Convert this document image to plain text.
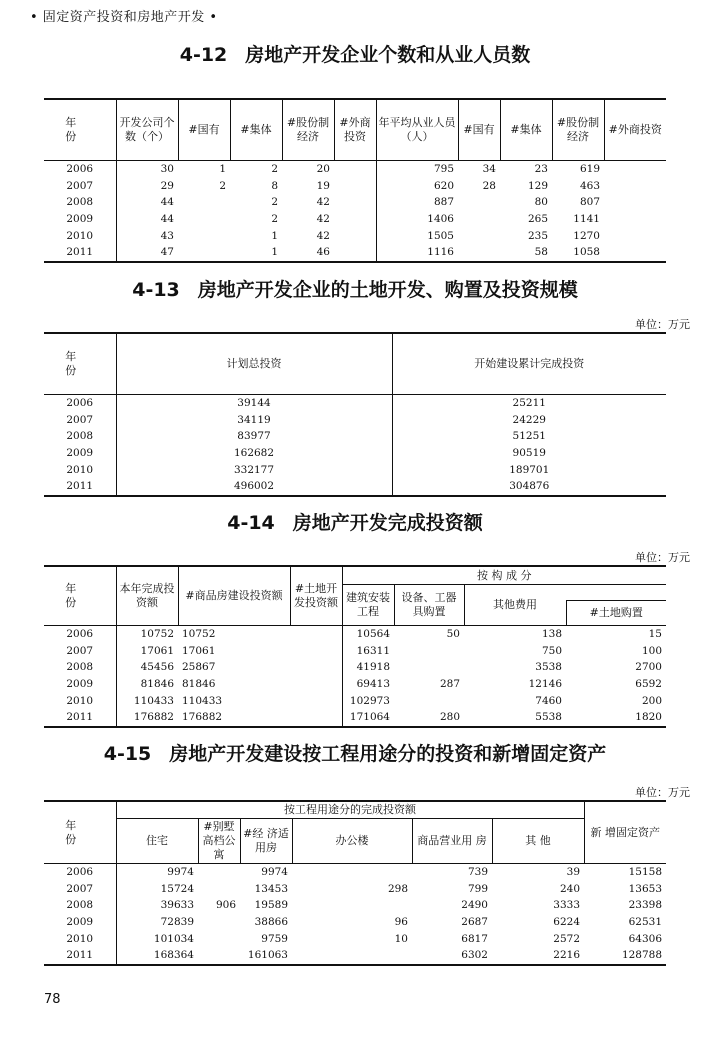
• 固定资产投资和房地产开发 •
4-12 房地产开发企业个数和从业人员数
年 份	开发公司个数（个）	#国有	#集体	#股份制经济	#外商投资	年平均从业人员（人）	#国有	#集体	#股份制经济	#外商投资
2006	30	1	2	20		795	34	23	619	
2007	29	2	8	19		620	28	129	463	
2008	44		2	42		887		80	807	
2009	44		2	42		1406		265	1141	
2010	43		1	42		1505		235	1270	
2011	47		1	46		1116		58	1058	
4-13 房地产开发企业的土地开发、购置及投资规模
单位：万元
年 份	计划总投资	开始建设累计完成投资
2006	39144	25211
2007	34119	24229
2008	83977	51251
2009	162682	90519
2010	332177	189701
2011	496002	304876
4-14 房地产开发完成投资额
单位：万元
年 份	本年完成投资额	#商品房建设投资额	#土地开发投资额	按 构 成 分			
				建筑安装工程	设备、工器具购置	其他费用	
							#土地购置
2006	10752	10752		10564	50	138	15
2007	17061	17061		16311		750	100
2008	45456	25867		41918		3538	2700
2009	81846	81846		69413	287	12146	6592
2010	110433	110433		102973		7460	200
2011	176882	176882		171064	280	5538	1820
4-15 房地产开发建设按工程用途分的投资和新增固定资产
单位：万元
年 份	按工程用途分的完成投资额						新 增固定资产
	住宅	#别墅高档公寓	#经 济适用房	办公楼	商品营业用 房	其 他	
2006	9974		9974		739	39	15158
2007	15724		13453	298	799	240	13653
2008	39633	906	19589		2490	3333	23398
2009	72839		38866	96	2687	6224	62531
2010	101034		9759	10	6817	2572	64306
2011	168364		161063		6302	2216	128788
78
